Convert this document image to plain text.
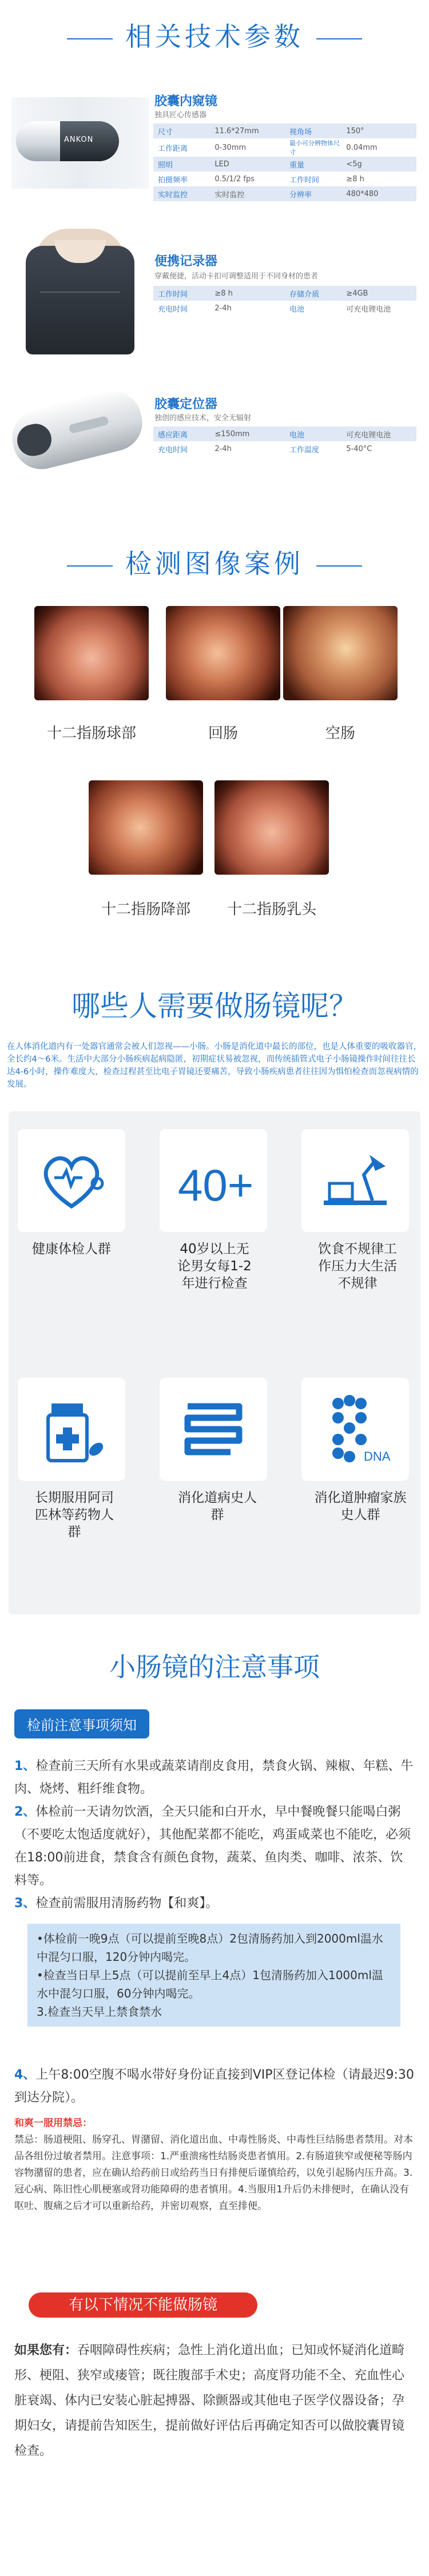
相关技术参数
ANKON
胶囊内窥镜
独具匠心传感器
尺寸	11.6*27mm	视角场	150°
工作距离	0-30mm	最小可分辨物体尺寸	0.04mm
照明	LED	重量	<5g
拍摄频率	0.5/1/2 fps	工作时间	≥8 h
实时监控	实时监控	分辨率	480*480
便携记录器
穿戴便捷，活动卡扣可调整适用于不同身材的患者
工作时间	≥8 h	存储介质	≥4GB
充电时间	2-4h	电池	可充电锂电池
胶囊定位器
独创的感应技术，安全无辐射
感应距离	≤150mm	电池	可充电锂电池
充电时间	2-4h	工作温度	5-40°C
检测图像案例
十二指肠球部	回肠	空肠
十二指肠降部	十二指肠乳头
哪些人需要做肠镜呢？
在人体消化道内有一处器官通常会被人们忽视——小肠。小肠是消化道中最长的部位，也是人体重要的吸收器官，全长约4～6米。生活中大部分小肠疾病起病隐匿，初期症状易被忽视，而传统插管式电子小肠镜操作时间往往长达4-6小时，操作难度大，检查过程甚至比电子胃镜还要痛苦，导致小肠疾病患者往往因为惧怕检查而忽视病情的发展。
40+
健康体检人群	40岁以上无论男女每1-2年进行检查
饮食不规律工作压力大生活不规律
DNA
长期服用阿司匹林等药物人群
消化道病史人群
消化道肿瘤家族史人群
小肠镜的注意事项
检前注意事项须知
1、检查前三天所有水果或蔬菜请削皮食用，禁食火锅、辣椒、年糕、牛肉、烧烤、粗纤维食物。
2、体检前一天请勿饮酒，全天只能和白开水，早中餐晚餐只能喝白粥（不要吃太饱适度就好），其他配菜都不能吃，鸡蛋咸菜也不能吃，必须在18:00前进食，禁食含有颜色食物，蔬菜、鱼肉类、咖啡、浓茶、饮料等。
3、检查前需服用清肠药物【和爽】。
•体检前一晚9点（可以提前至晚8点）2包清肠药加入到2000ml温水中混匀口服，120分钟内喝完。
•检查当日早上5点（可以提前至早上4点）1包清肠药加入1000ml温水中混匀口服，60分钟内喝完。
3.检查当天早上禁食禁水
4、上午8:00空腹不喝水带好身份证直接到VIP区登记体检（请最迟9:30到达分院）。
和爽一服用禁忌：
禁忌：肠道梗阻、肠穿孔、胃潴留、消化道出血、中毒性肠炎、中毒性巨结肠患者禁用。对本品各组份过敏者禁用。注意事项：1.严重溃疡性结肠炎患者慎用。2.有肠道狭窄或便秘等肠内容物潴留的患者，应在确认给药前日或给药当日有排便后谨慎给药，以免引起肠内压升高。3.冠心病、陈旧性心肌梗塞或肾功能障碍的患者慎用。4.当服用1升后仍未排便时，在确认没有呕吐、腹痛之后才可以重新给药，并密切观察，直至排便。
有以下情况不能做肠镜
如果您有：吞咽障碍性疾病；急性上消化道出血；已知或怀疑消化道畸形、梗阻、狭窄或瘘管；既往腹部手术史；高度肾功能不全、充血性心脏衰竭、体内已安装心脏起搏器、除颤器或其他电子医学仪器设备；孕期妇女，请提前告知医生，提前做好评估后再确定知否可以做胶囊胃镜检查。
